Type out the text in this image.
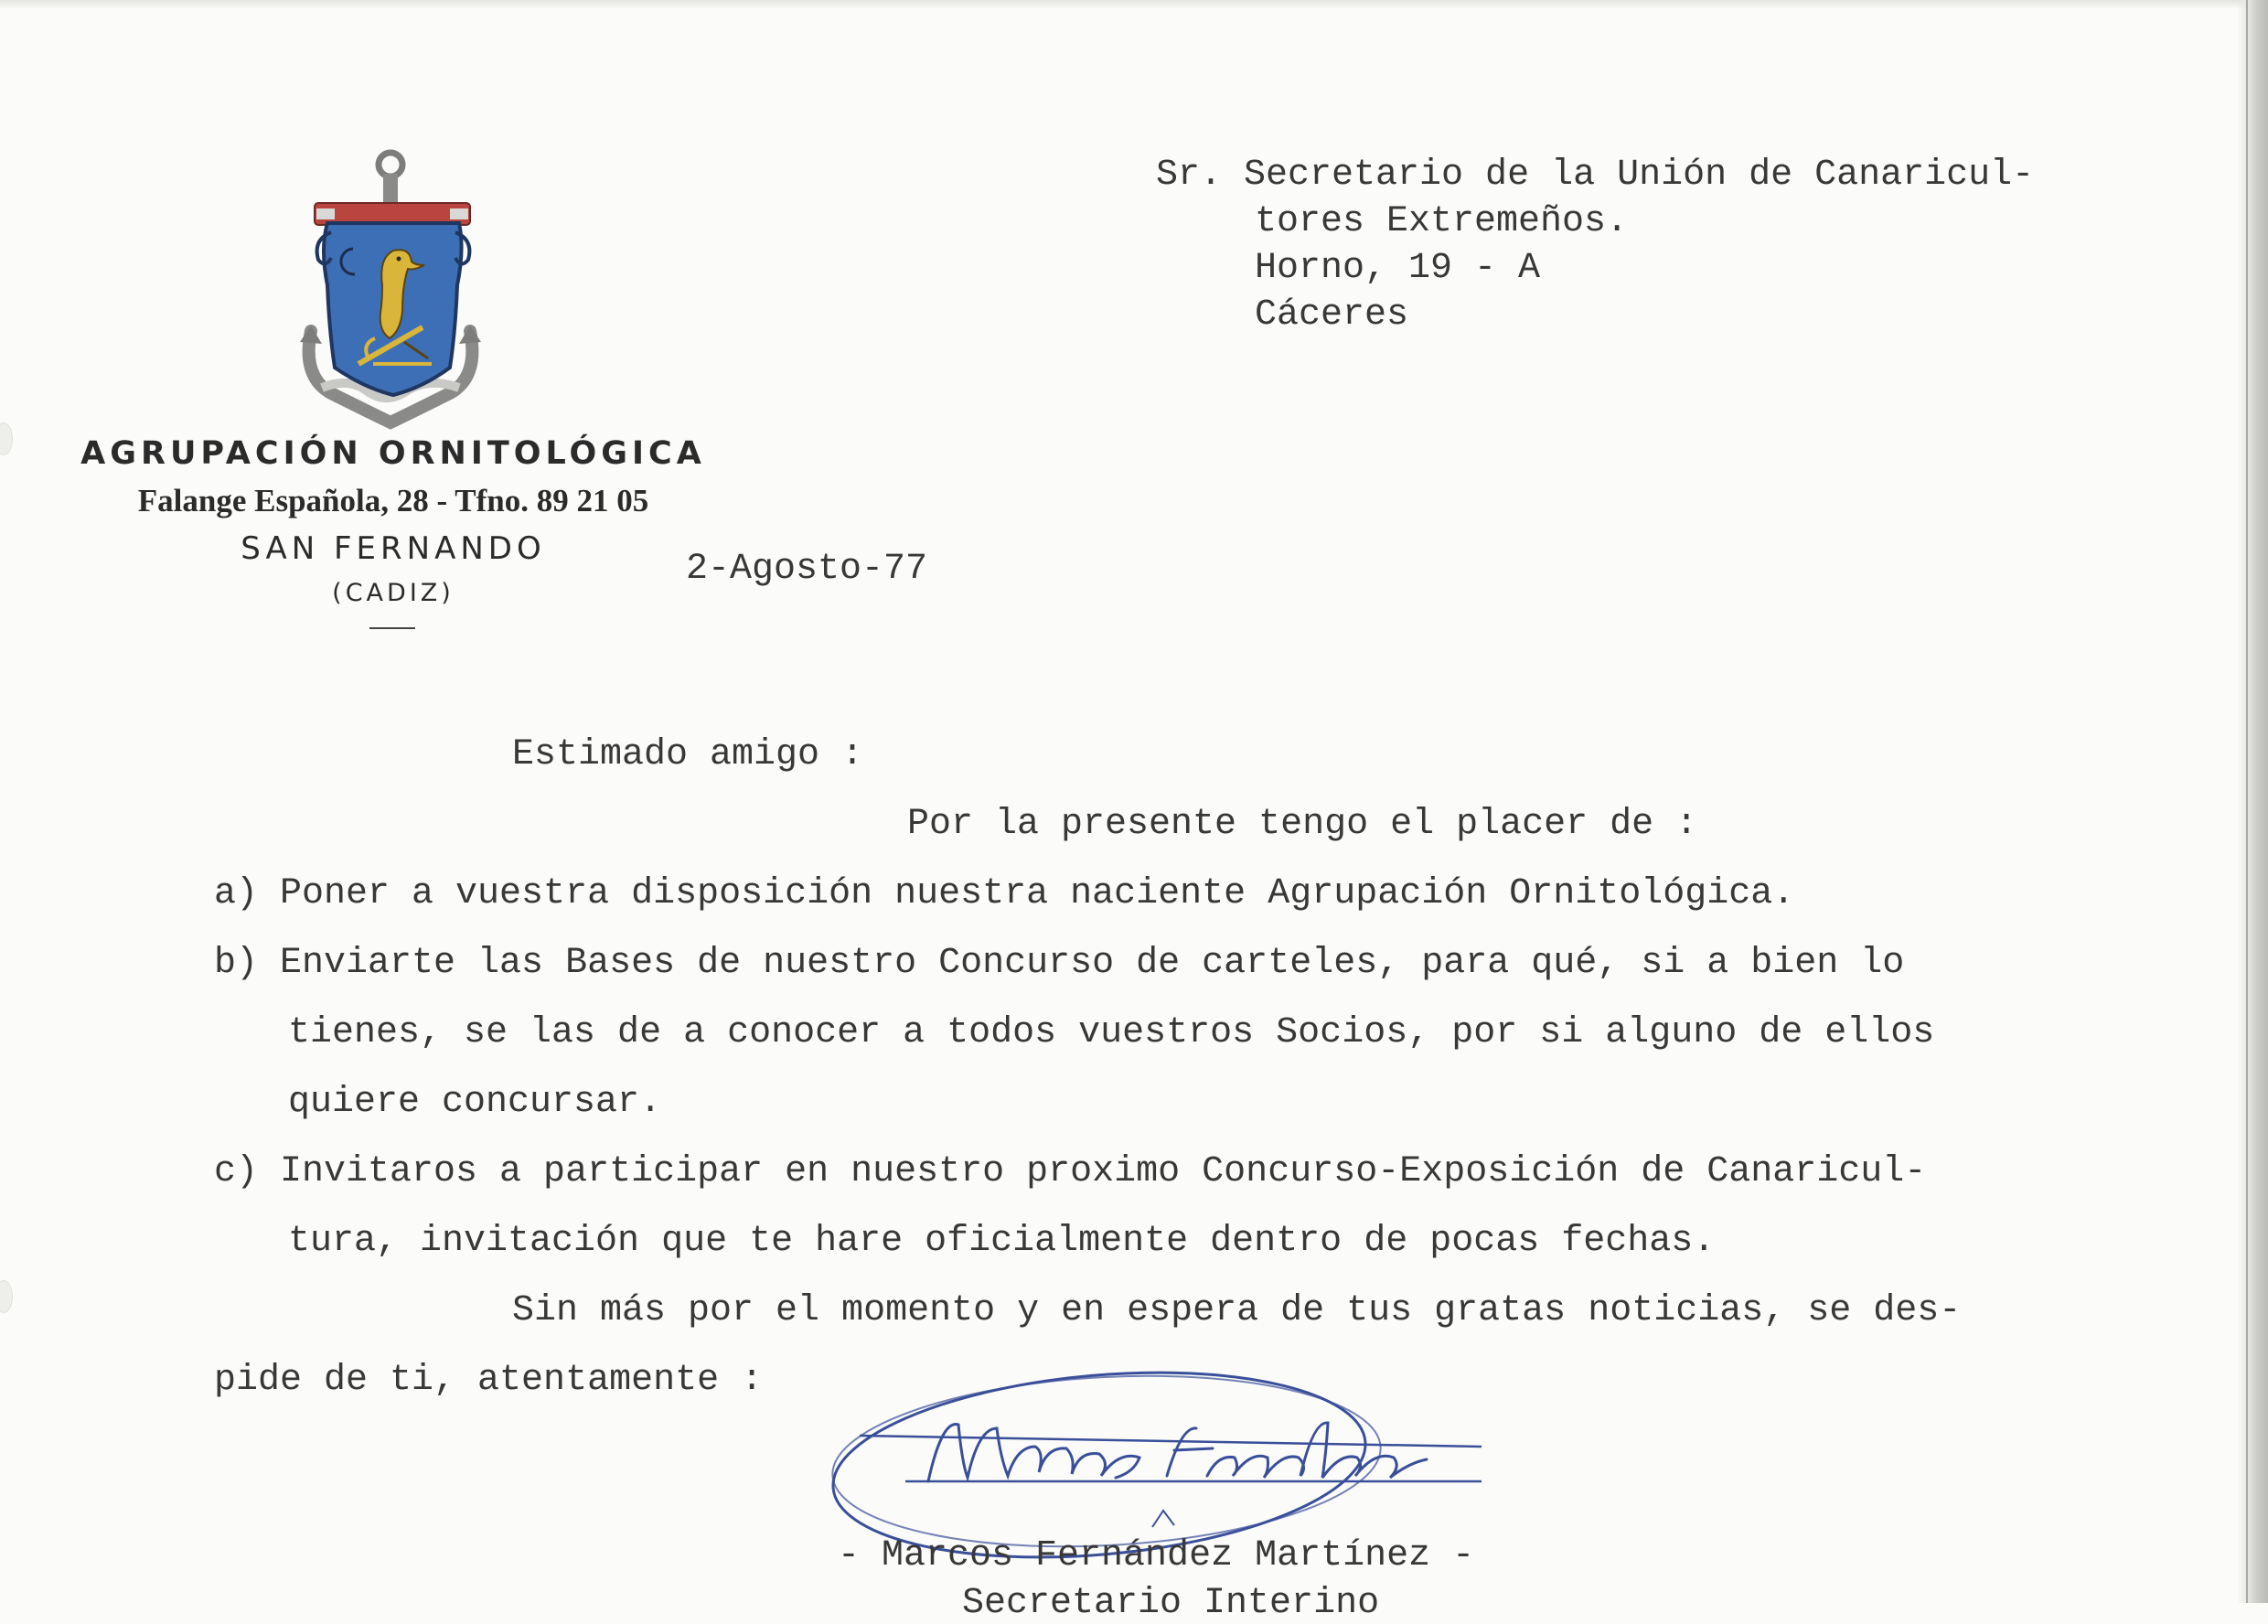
AGRUPACIÓN ORNITOLÓGICA
Falange Española, 28 - Tfno. 89 21 05
SAN FERNANDO
(CADIZ)
Sr. Secretario de la Unión de Canaricul-
tores Extremeños.
Horno, 19 - A
Cáceres
2-Agosto-77
Estimado amigo :
Por la presente tengo el placer de :
a) Poner a vuestra disposición nuestra naciente Agrupación Ornitológica.
b) Enviarte las Bases de nuestro Concurso de carteles, para qué, si a bien lo
tienes, se las de a conocer a todos vuestros Socios, por si alguno de ellos
quiere concursar.
c) Invitaros a participar en nuestro proximo Concurso-Exposición de Canaricul-
tura, invitación que te hare oficialmente dentro de pocas fechas.
Sin más por el momento y en espera de tus gratas noticias, se des-
pide de ti, atentamente :
- Marcos Fernández Martínez -
Secretario Interino
